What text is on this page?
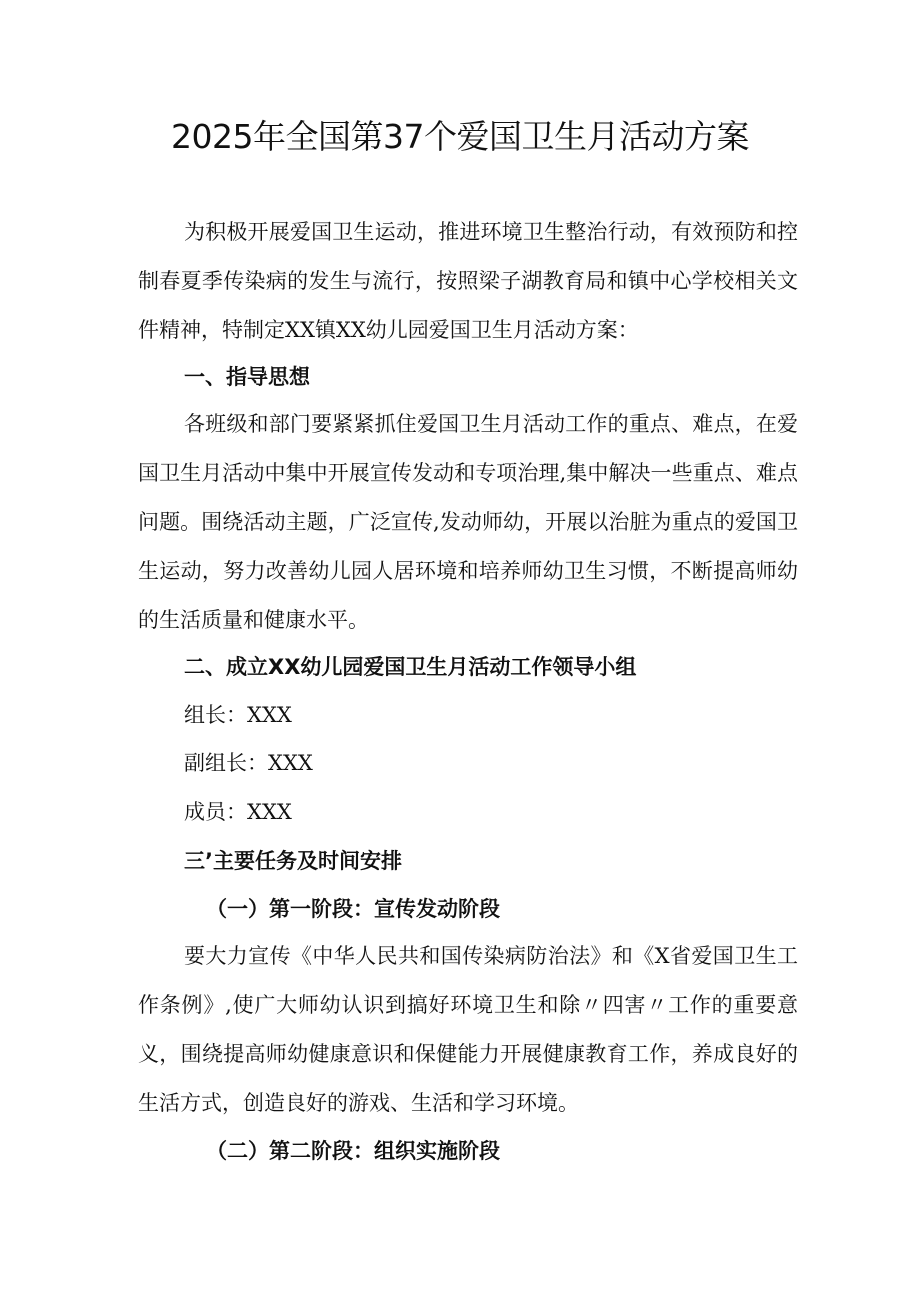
2025年全国第37个爱国卫生月活动方案

为积极开展爱国卫生运动，推进环境卫生整治行动，有效预防和控制春夏季传染病的发生与流行，按照梁子湖教育局和镇中心学校相关文件精神，特制定XX镇XX幼儿园爱国卫生月活动方案：

一、指导思想

各班级和部门要紧紧抓住爱国卫生月活动工作的重点、难点，在爱国卫生月活动中集中开展宣传发动和专项治理,集中解决一些重点、难点问题。围绕活动主题，广泛宣传,发动师幼，开展以治脏为重点的爱国卫生运动，努力改善幼儿园人居环境和培养师幼卫生习惯，不断提高师幼的生活质量和健康水平。

二、成立XX幼儿园爱国卫生月活动工作领导小组

组长：XXX

副组长：XXX

成员：XXX

三’主要任务及时间安排

（一）第一阶段：宣传发动阶段

要大力宣传《中华人民共和国传染病防治法》和《X省爱国卫生工作条例》,使广大师幼认识到搞好环境卫生和除〃四害〃工作的重要意义，围绕提高师幼健康意识和保健能力开展健康教育工作，养成良好的生活方式，创造良好的游戏、生活和学习环境。

（二）第二阶段：组织实施阶段
